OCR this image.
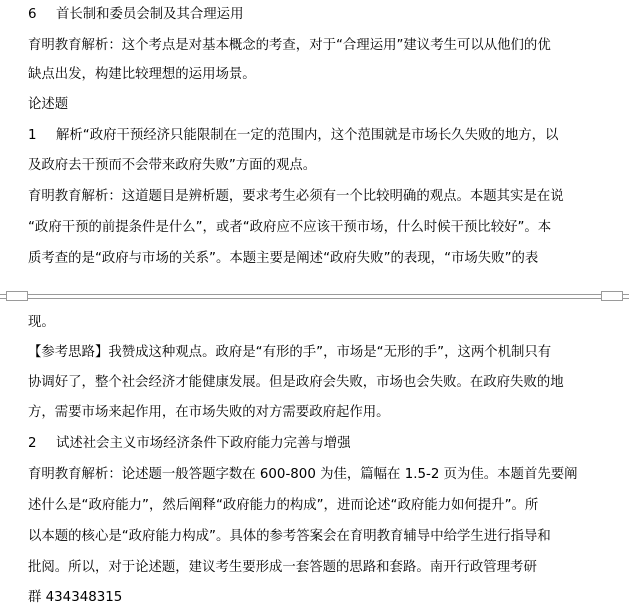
6 首长制和委员会制及其合理运用
育明教育解析：这个考点是对基本概念的考查，对于“合理运用”建议考生可以从他们的优
缺点出发，构建比较理想的运用场景。
论述题
1 解析“政府干预经济只能限制在一定的范围内，这个范围就是市场长久失败的地方，以
及政府去干预而不会带来政府失败”方面的观点。
育明教育解析：这道题目是辨析题，要求考生必须有一个比较明确的观点。本题其实是在说
“政府干预的前提条件是什么”，或者“政府应不应该干预市场，什么时候干预比较好”。本
质考查的是“政府与市场的关系”。本题主要是阐述“政府失败”的表现，“市场失败”的表
现。
【参考思路】我赞成这种观点。政府是“有形的手”，市场是“无形的手”，这两个机制只有
协调好了，整个社会经济才能健康发展。但是政府会失败，市场也会失败。在政府失败的地
方，需要市场来起作用，在市场失败的对方需要政府起作用。
2 试述社会主义市场经济条件下政府能力完善与增强
育明教育解析：论述题一般答题字数在 600-800 为佳，篇幅在 1.5-2 页为佳。本题首先要阐
述什么是“政府能力”，然后阐释“政府能力的构成”，进而论述“政府能力如何提升”。所
以本题的核心是“政府能力构成”。具体的参考答案会在育明教育辅导中给学生进行指导和
批阅。所以，对于论述题，建议考生要形成一套答题的思路和套路。南开行政管理考研
群 434348315
